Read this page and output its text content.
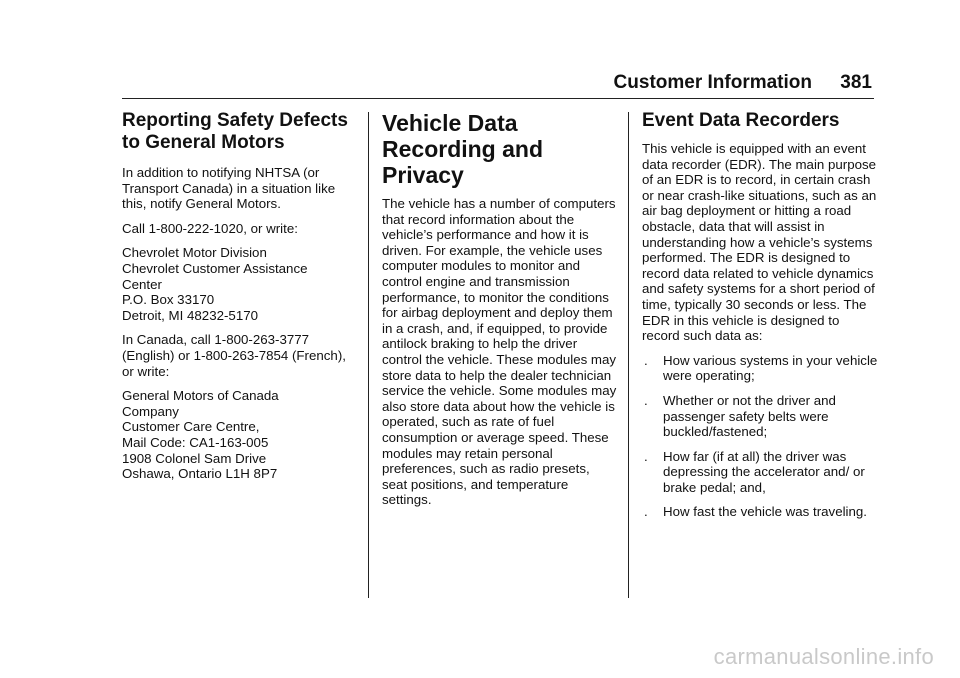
Customer Information 381
Reporting Safety Defects
to General Motors

In addition to notifying NHTSA (or Transport Canada) in a situation like this, notify General Motors.

Call 1-800-222-1020, or write:

Chevrolet Motor Division
Chevrolet Customer Assistance
Center
P.O. Box 33170
Detroit, MI 48232-5170

In Canada, call 1-800-263-3777 (English) or 1-800-263-7854 (French), or write:

General Motors of Canada
Company
Customer Care Centre,
Mail Code: CA1-163-005
1908 Colonel Sam Drive
Oshawa, Ontario L1H 8P7

Vehicle Data
Recording and
Privacy

The vehicle has a number of computers that record information about the vehicle’s performance and how it is driven. For example, the vehicle uses computer modules to monitor and control engine and transmission performance, to monitor the conditions for airbag deployment and deploy them in a crash, and, if equipped, to provide antilock braking to help the driver control the vehicle. These modules may store data to help the dealer technician service the vehicle. Some modules may also store data about how the vehicle is operated, such as rate of fuel consumption or average speed. These modules may retain personal preferences, such as radio presets, seat positions, and temperature settings.

Event Data Recorders

This vehicle is equipped with an event data recorder (EDR). The main purpose of an EDR is to record, in certain crash or near crash-like situations, such as an air bag deployment or hitting a road obstacle, data that will assist in understanding how a vehicle’s systems performed. The EDR is designed to record data related to vehicle dynamics and safety systems for a short period of time, typically 30 seconds or less. The EDR in this vehicle is designed to record such data as:

. How various systems in your vehicle were operating;
. Whether or not the driver and passenger safety belts were buckled/fastened;
. How far (if at all) the driver was depressing the accelerator and/ or brake pedal; and,
. How fast the vehicle was traveling.
carmanualsonline.info
